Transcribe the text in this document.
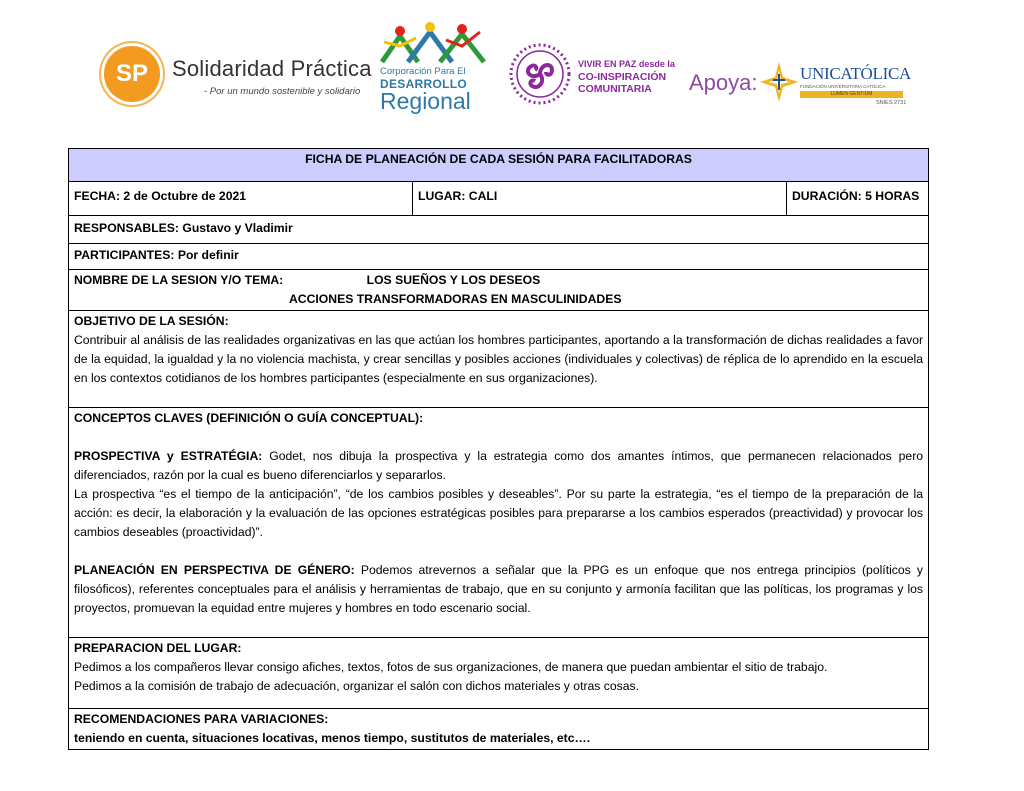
SP	Solidaridad Práctica
- Por un mundo sostenible y solidario
Corporación Para El
DESARROLLO
Regional
VIVIR EN PAZ desde la
CO-INSPIRACIÓN
COMUNITARIA Apoya:	UNICATÓLICA
FUNDACIÓN UNIVERSITARIA CATÓLICA
LUMEN GENTIUM
SNIES 2731
FICHA DE PLANEACIÓN DE CADA SESIÓN PARA FACILITADORAS
FECHA: 2 de Octubre de 2021	LUGAR: CALI	DURACIÓN: 5 HORAS
RESPONSABLES: Gustavo y Vladimir
PARTICIPANTES: Por definir
NOMBRE DE LA SESION Y/O TEMA:	LOS SUEÑOS Y LOS DESEOS
ACCIONES TRANSFORMADORAS EN MASCULINIDADES

OBJETIVO DE LA SESIÓN:

Contribuir al análisis de las realidades organizativas en las que actúan los hombres participantes, aportando a la transformación de dichas realidades a favor de la equidad, la igualdad y la no violencia machista, y crear sencillas y posibles acciones (individuales y colectivas) de réplica de lo aprendido en la escuela en los contextos cotidianos de los hombres participantes (especialmente en sus organizaciones).

CONCEPTOS CLAVES (DEFINICIÓN O GUÍA CONCEPTUAL):

PROSPECTIVA y ESTRATÉGIA: Godet, nos dibuja la prospectiva y la estrategia como dos amantes íntimos, que permanecen relacionados pero diferenciados, razón por la cual es bueno diferenciarlos y separarlos.

La prospectiva “es el tiempo de la anticipación”, “de los cambios posibles y deseables”. Por su parte la estrategia, “es el tiempo de la preparación de la acción: es decir, la elaboración y la evaluación de las opciones estratégicas posibles para prepararse a los cambios esperados (preactividad) y provocar los cambios deseables (proactividad)”.

PLANEACIÓN EN PERSPECTIVA DE GÉNERO: Podemos atrevernos a señalar que la PPG es un enfoque que nos entrega principios (políticos y filosóficos), referentes conceptuales para el análisis y herramientas de trabajo, que en su conjunto y armonía facilitan que las políticas, los programas y los proyectos, promuevan la equidad entre mujeres y hombres en todo escenario social.

PREPARACION DEL LUGAR:

Pedimos a los compañeros llevar consigo afiches, textos, fotos de sus organizaciones, de manera que puedan ambientar el sitio de trabajo.

Pedimos a la comisión de trabajo de adecuación, organizar el salón con dichos materiales y otras cosas.

RECOMENDACIONES PARA VARIACIONES:

teniendo en cuenta, situaciones locativas, menos tiempo, sustitutos de materiales, etc….
